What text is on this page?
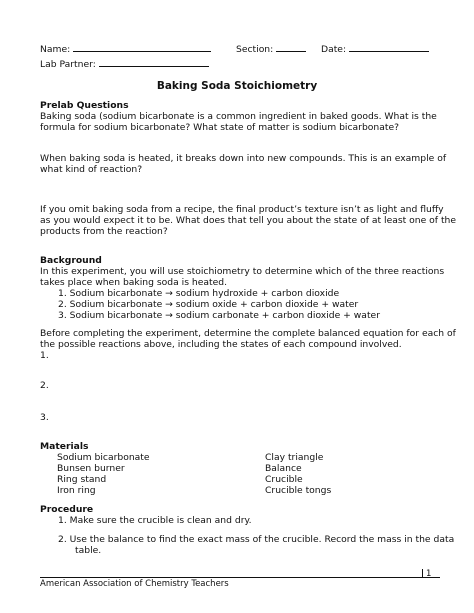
Name:	Section:	Date:
Lab Partner:
Baking Soda Stoichiometry
Prelab Questions
Baking soda (sodium bicarbonate is a common ingredient in baked goods. What is the
formula for sodium bicarbonate? What state of matter is sodium bicarbonate?
When baking soda is heated, it breaks down into new compounds. This is an example of
what kind of reaction?
If you omit baking soda from a recipe, the final product’s texture isn’t as light and fluffy
as you would expect it to be. What does that tell you about the state of at least one of the
products from the reaction?
Background
In this experiment, you will use stoichiometry to determine which of the three reactions
takes place when baking soda is heated.
1. Sodium bicarbonate → sodium hydroxide + carbon dioxide
2. Sodium bicarbonate → sodium oxide + carbon dioxide + water
3. Sodium bicarbonate → sodium carbonate + carbon dioxide + water
Before completing the experiment, determine the complete balanced equation for each of
the possible reactions above, including the states of each compound involved.
1.
2.
3.
Materials
Sodium bicarbonate
Bunsen burner
Ring stand
Iron ring
Clay triangle
Balance
Crucible
Crucible tongs
Procedure
1. Make sure the crucible is clean and dry.
2. Use the balance to find the exact mass of the crucible. Record the mass in the data
table.
1
American Association of Chemistry Teachers
